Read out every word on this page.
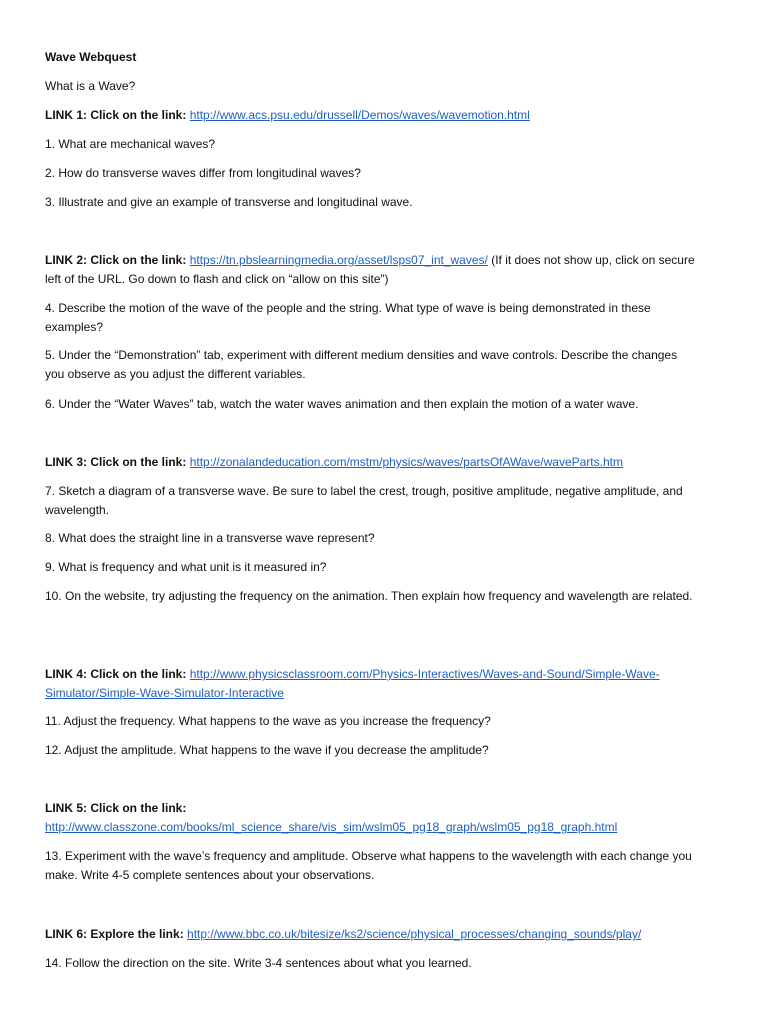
Wave Webquest

What is a Wave?

LINK 1: Click on the link: http://www.acs.psu.edu/drussell/Demos/waves/wavemotion.html

1. What are mechanical waves?

2. How do transverse waves differ from longitudinal waves?

3. Illustrate and give an example of transverse and longitudinal wave.

LINK 2: Click on the link: https://tn.pbslearningmedia.org/asset/lsps07_int_waves/ (If it does not show up, click on secure left of the URL. Go down to flash and click on “allow on this site”)

4. Describe the motion of the wave of the people and the string. What type of wave is being demonstrated in these examples?

5. Under the “Demonstration” tab, experiment with different medium densities and wave controls. Describe the changes you observe as you adjust the different variables.

6. Under the “Water Waves” tab, watch the water waves animation and then explain the motion of a water wave.

LINK 3: Click on the link: http://zonalandeducation.com/mstm/physics/waves/partsOfAWave/waveParts.htm

7. Sketch a diagram of a transverse wave. Be sure to label the crest, trough, positive amplitude, negative amplitude, and wavelength.

8. What does the straight line in a transverse wave represent?

9. What is frequency and what unit is it measured in?

10. On the website, try adjusting the frequency on the animation. Then explain how frequency and wavelength are related.

LINK 4: Click on the link: http://www.physicsclassroom.com/Physics-Interactives/Waves-and-Sound/Simple-Wave-Simulator/Simple-Wave-Simulator-Interactive

11. Adjust the frequency. What happens to the wave as you increase the frequency?

12. Adjust the amplitude. What happens to the wave if you decrease the amplitude?

LINK 5: Click on the link:
http://www.classzone.com/books/ml_science_share/vis_sim/wslm05_pg18_graph/wslm05_pg18_graph.html

13. Experiment with the wave’s frequency and amplitude. Observe what happens to the wavelength with each change you make. Write 4-5 complete sentences about your observations.

LINK 6: Explore the link: http://www.bbc.co.uk/bitesize/ks2/science/physical_processes/changing_sounds/play/

14. Follow the direction on the site. Write 3-4 sentences about what you learned.
